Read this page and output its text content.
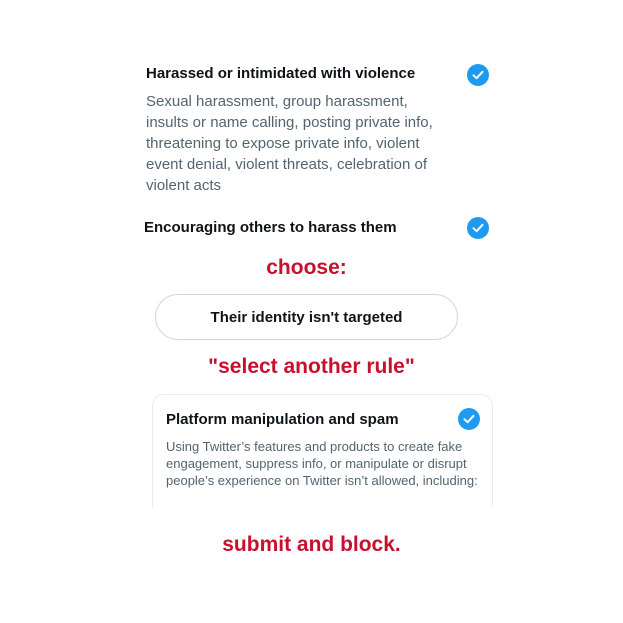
Harassed or intimidated with violence
Sexual harassment, group harassment, insults or name calling, posting private info, threatening to expose private info, violent event denial, violent threats, celebration of violent acts
Encouraging others to harass them
choose:
Their identity isn't targeted
"select another rule"
Platform manipulation and spam
Using Twitter’s features and products to create fake engagement, suppress info, or manipulate or disrupt people’s experience on Twitter isn’t allowed, including:
submit and block.
